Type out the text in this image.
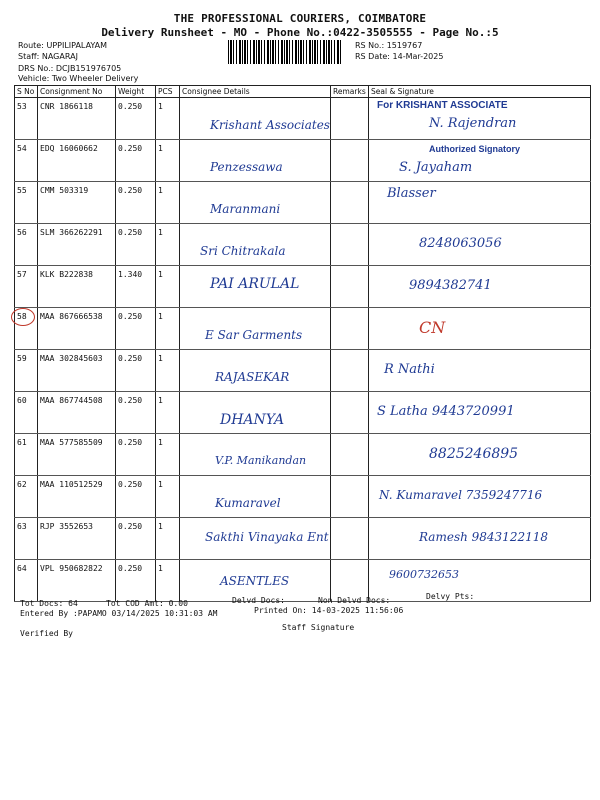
THE PROFESSIONAL COURIERS, COIMBATORE
Delivery Runsheet - MO - Phone No.:0422-3505555 - Page No.:5
Route: UPPILIPALAYAM
Staff: NAGARAJ
DRS No.: DCJB151976705
Vehicle: Two Wheeler Delivery
RS No.: 1519767
RS Date: 14-Mar-2025
S No	Consignment No	Weight	PCS	Consignee Details	Remarks	Seal & Signature
53	CNR 1866118	0.250	1	Krishant Associates		For KRISHANT ASSOCIATE
N. Rajendran

54	EDQ 16060662	0.250	1	Penzessawa		Authorized Signatory
S. Jayaham

55	CMM 503319	0.250	1	Maranmani		Blasser

56	SLM 366262291	0.250	1	Sri Chitrakala		8248063056

57	KLK B222838	1.340	1	PAI ARULAL		9894382741

58	MAA 867666538	0.250	1	E Sar Garments		CN

59	MAA 302845603	0.250	1	RAJASEKAR		R Nathi

60	MAA 867744508	0.250	1	DHANYA		S Latha 9443720991

61	MAA 577585509	0.250	1	V.P. Manikandan		8825246895

62	MAA 110512529	0.250	1	Kumaravel		N. Kumaravel 7359247716

63	RJP 3552653	0.250	1	Sakthi Vinayaka Ent		Ramesh 9843122118

64	VPL 950682822	0.250	1	ASENTLES		9600732653
Tot Docs: 64	Tot COD Amt: 0.00	Delvd Docs:	Non Delvd Docs:	Delvy Pts:
Entered By :PAPAMO 03/14/2025 10:31:03 AM	Printed On: 14-03-2025 11:56:06
Staff Signature
Verified By
